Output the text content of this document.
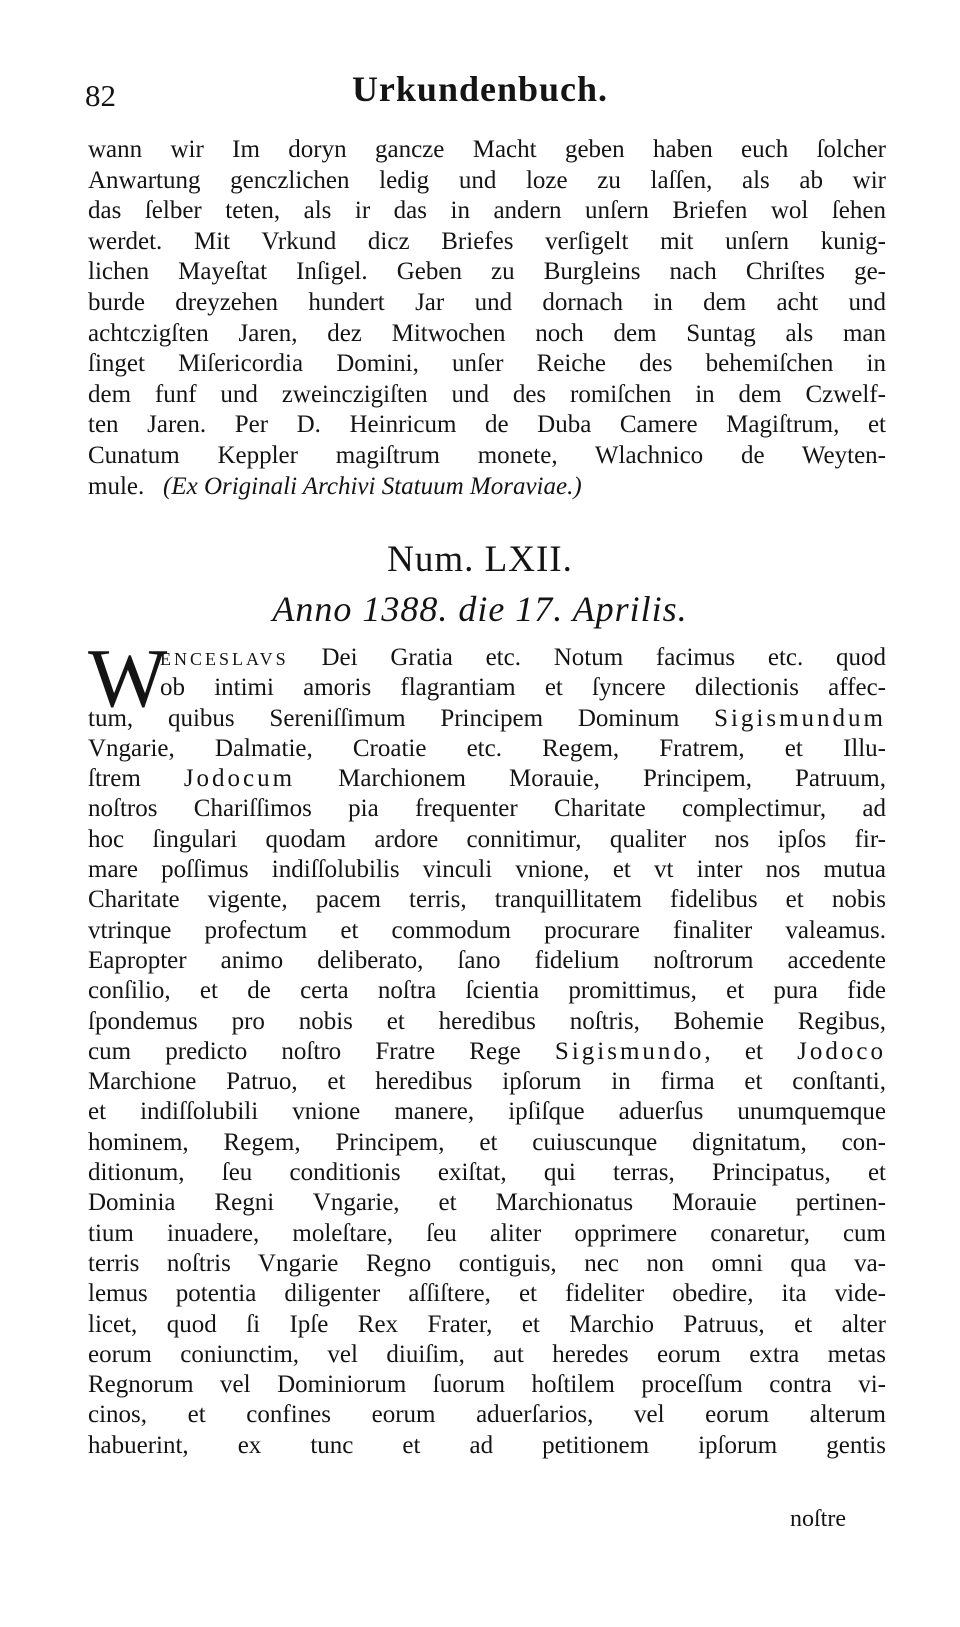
82	Urkundenbuch.
wann wir Im doryn gancze Macht geben haben euch ſolcher
Anwartung genczlichen ledig und loze zu laſſen, als ab wir
das ſelber teten, als ir das in andern unſern Briefen wol ſehen
werdet. Mit Vrkund dicz Briefes verſigelt mit unſern kunig-
lichen Mayeſtat Inſigel. Geben zu Burgleins nach Chriſtes ge-
burde dreyzehen hundert Jar und dornach in dem acht und
achtczigſten Jaren, dez Mitwochen noch dem Suntag als man
ſinget Miſericordia Domini, unſer Reiche des behemiſchen in
dem funf und zweinczigiſten und des romiſchen in dem Czwelf-
ten Jaren. Per D. Heinricum de Duba Camere Magiſtrum, et
Cunatum Keppler magiſtrum monete, Wlachnico de Weyten-
mule. (Ex Originali Archivi Statuum Moraviae.)
Num. LXII.
Anno 1388. die 17. Aprilis.
W
ENCESLAVS Dei Gratia etc. Notum facimus etc. quod
ob intimi amoris flagrantiam et ſyncere dilectionis affec-
tum, quibus Sereniſſimum Principem Dominum Sigismundum
Vngarie, Dalmatie, Croatie etc. Regem, Fratrem, et Illu-
ſtrem Jodocum Marchionem Morauie, Principem, Patruum,
noſtros Chariſſimos pia frequenter Charitate complectimur, ad
hoc ſingulari quodam ardore connitimur, qualiter nos ipſos fir-
mare poſſimus indiſſolubilis vinculi vnione, et vt inter nos mutua
Charitate vigente, pacem terris, tranquillitatem fidelibus et nobis
vtrinque profectum et commodum procurare finaliter valeamus.
Eapropter animo deliberato, ſano fidelium noſtrorum accedente
conſilio, et de certa noſtra ſcientia promittimus, et pura fide
ſpondemus pro nobis et heredibus noſtris, Bohemie Regibus,
cum predicto noſtro Fratre Rege Sigismundo, et Jodoco
Marchione Patruo, et heredibus ipſorum in firma et conſtanti,
et indiſſolubili vnione manere, ipſiſque aduerſus unumquemque
hominem, Regem, Principem, et cuiuscunque dignitatum, con-
ditionum, ſeu conditionis exiſtat, qui terras, Principatus, et
Dominia Regni Vngarie, et Marchionatus Morauie pertinen-
tium inuadere, moleſtare, ſeu aliter opprimere conaretur, cum
terris noſtris Vngarie Regno contiguis, nec non omni qua va-
lemus potentia diligenter aſſiſtere, et fideliter obedire, ita vide-
licet, quod ſi Ipſe Rex Frater, et Marchio Patruus, et alter
eorum coniunctim, vel diuiſim, aut heredes eorum extra metas
Regnorum vel Dominiorum ſuorum hoſtilem proceſſum contra vi-
cinos, et confines eorum aduerſarios, vel eorum alterum
habuerint, ex tunc et ad petitionem ipſorum gentis
noſtre
